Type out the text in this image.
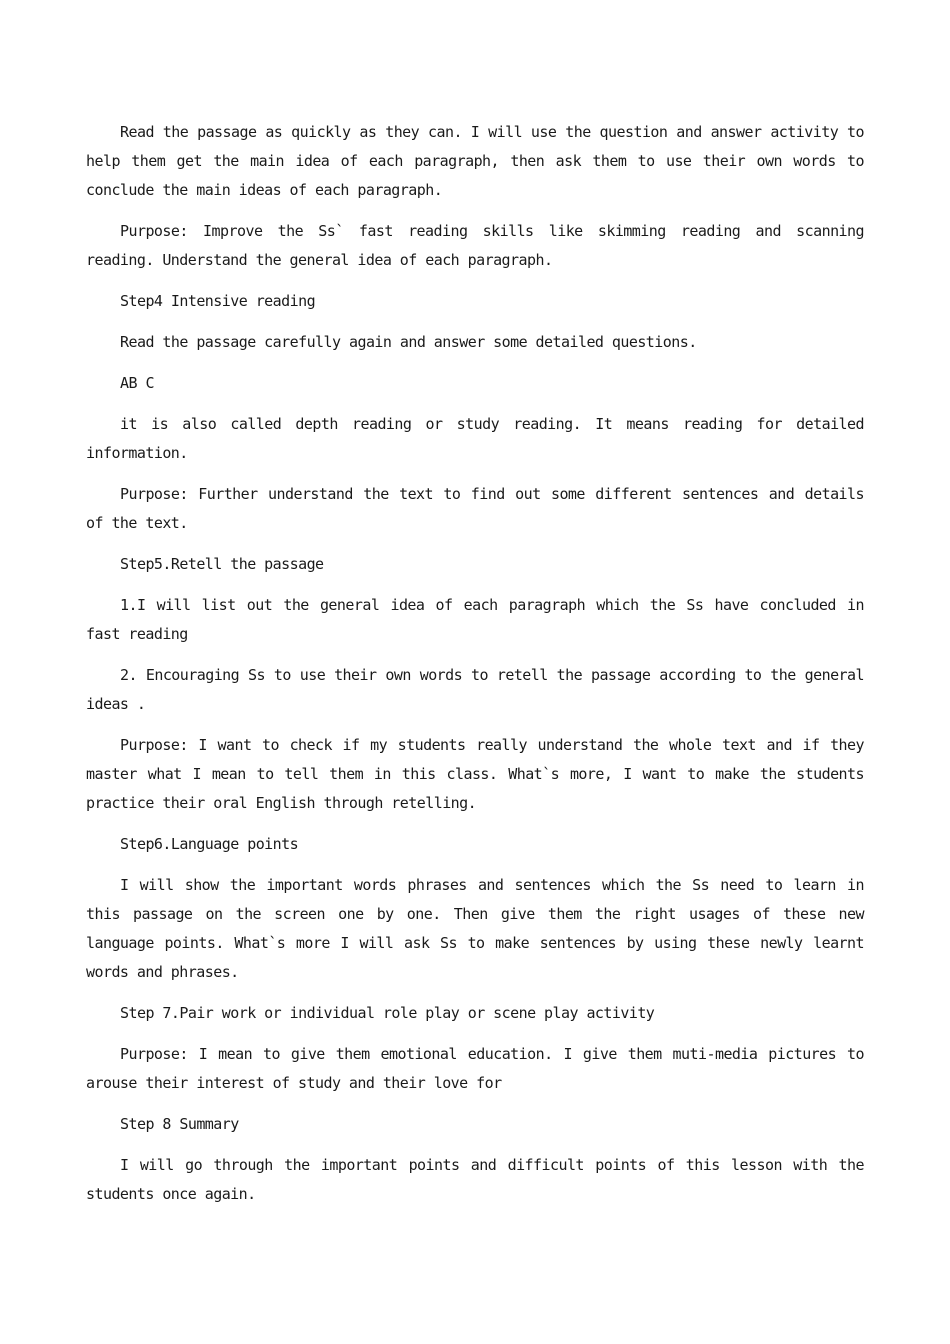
Read the passage as quickly as they can. I will use the question and answer activity to help them get the main idea of each paragraph, then ask them to use their own words to conclude the main ideas of each paragraph.

Purpose: Improve the Ss` fast reading skills like skimming reading and scanning reading. Understand the general idea of each paragraph.

Step4 Intensive reading

Read the passage carefully again and answer some detailed questions.

AB C

it is also called depth reading or study reading. It means reading for detailed information.

Purpose: Further understand the text to find out some different sentences and details of the text.

Step5.Retell the passage

1.I will list out the general idea of each paragraph which the Ss have concluded in fast reading

2. Encouraging Ss to use their own words to retell the passage according to the general ideas .

Purpose: I want to check if my students really understand the whole text and if they master what I mean to tell them in this class. What`s more, I want to make the students practice their oral English through retelling.

Step6.Language points

I will show the important words phrases and sentences which the Ss need to learn in this passage on the screen one by one. Then give them the right usages of these new language points. What`s more I will ask Ss to make sentences by using these newly learnt words and phrases.

Step 7.Pair work or individual role play or scene play activity

Purpose: I mean to give them emotional education. I give them muti-media pictures to arouse their interest of study and their love for

Step 8 Summary

I will go through the important points and difficult points of this lesson with the students once again.
